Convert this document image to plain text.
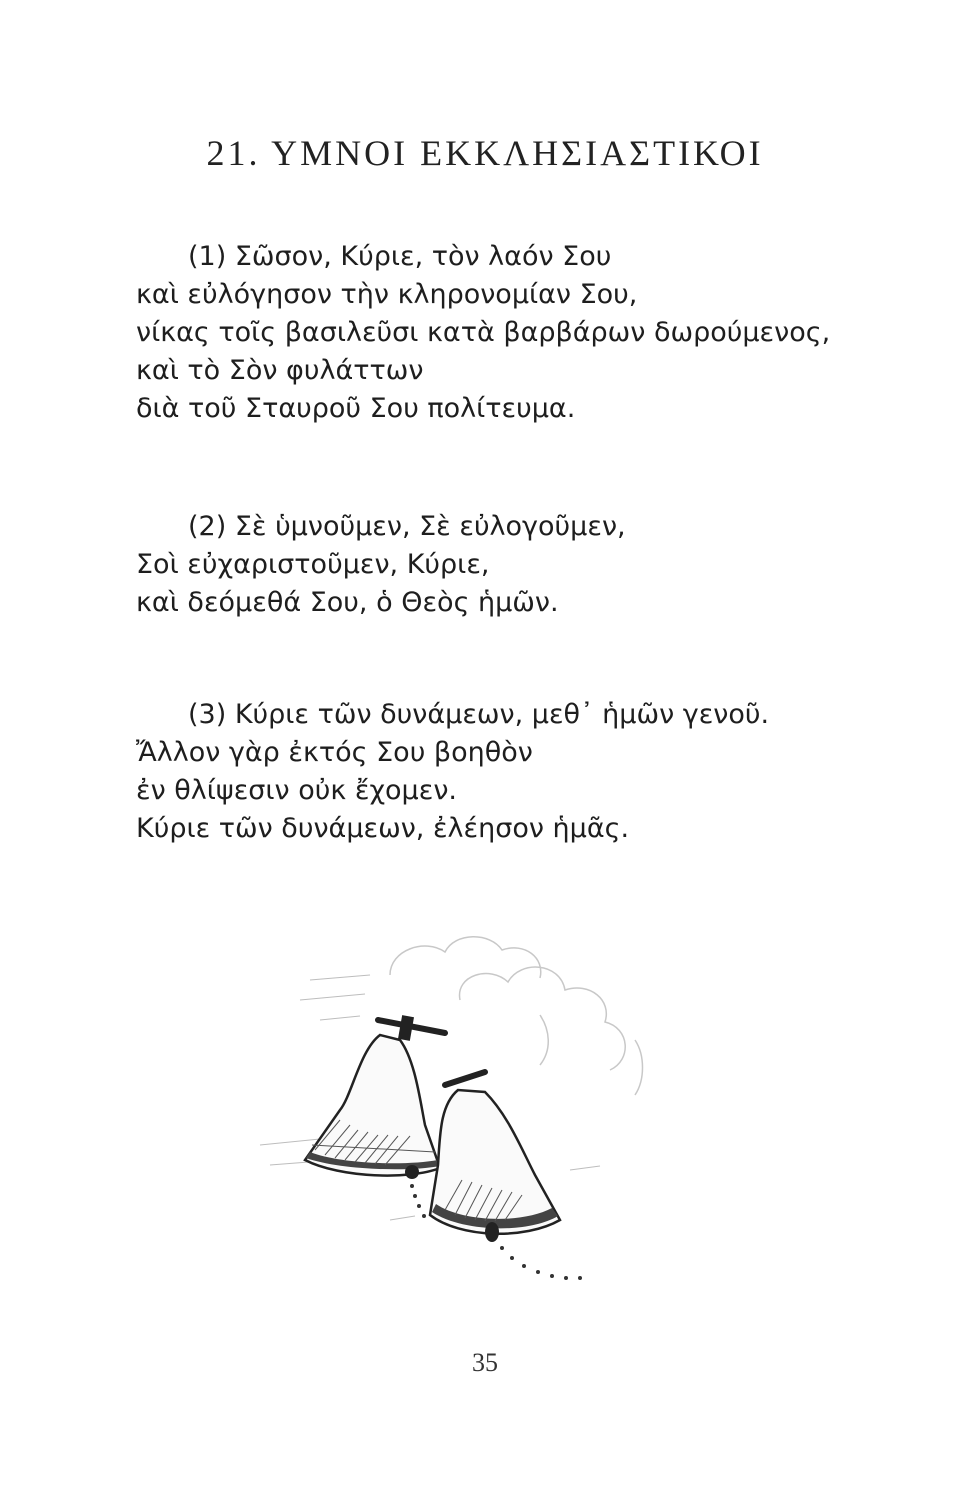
21. ΥΜΝΟΙ ΕΚΚΛΗΣΙΑΣΤΙΚΟΙ
(1) Σῶσον, Κύριε, τὸν λαόν Σου
καὶ εὐλόγησον τὴν κληρονομίαν Σου,
νίκας τοῖς βασιλεῦσι κατὰ βαρβάρων δωρούμενος,
καὶ τὸ Σὸν φυλάττων
διὰ τοῦ Σταυροῦ Σου πολίτευμα.
(2) Σὲ ὑμνοῦμεν, Σὲ εὐλογοῦμεν,
Σοὶ εὐχαριστοῦμεν, Κύριε,
καὶ δεόμεθά Σου, ὁ Θεὸς ἡμῶν.
(3) Κύριε τῶν δυνάμεων, μεθ᾽ ἡμῶν γενοῦ.
Ἄλλον γὰρ ἐκτός Σου βοηθὸν
ἐν θλίψεσιν οὐκ ἔχομεν.
Κύριε τῶν δυνάμεων, ἐλέησον ἡμᾶς.
35
